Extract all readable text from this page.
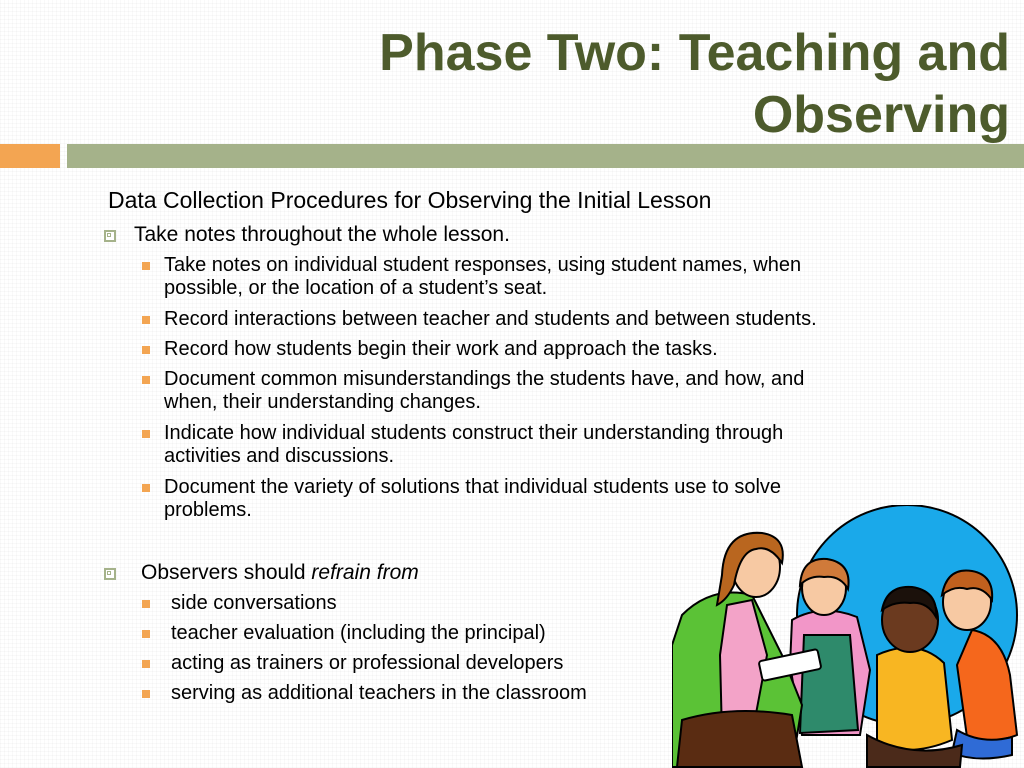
Phase Two: Teaching and Observing
Data Collection Procedures for Observing the Initial Lesson
Take notes throughout the whole lesson.
Take notes on individual student responses, using student names, when
possible, or the location of a student’s seat.
Record interactions between teacher and students and between students.
Record how students begin their work and approach the tasks.
Document common misunderstandings the students have, and how, and
when, their understanding changes.
Indicate how individual students construct their understanding through
activities and discussions.
Document the variety of solutions that individual students use to solve
problems.
Observers should refrain from
side conversations
teacher evaluation (including the principal)
acting as trainers or professional developers
serving as additional teachers in the classroom
